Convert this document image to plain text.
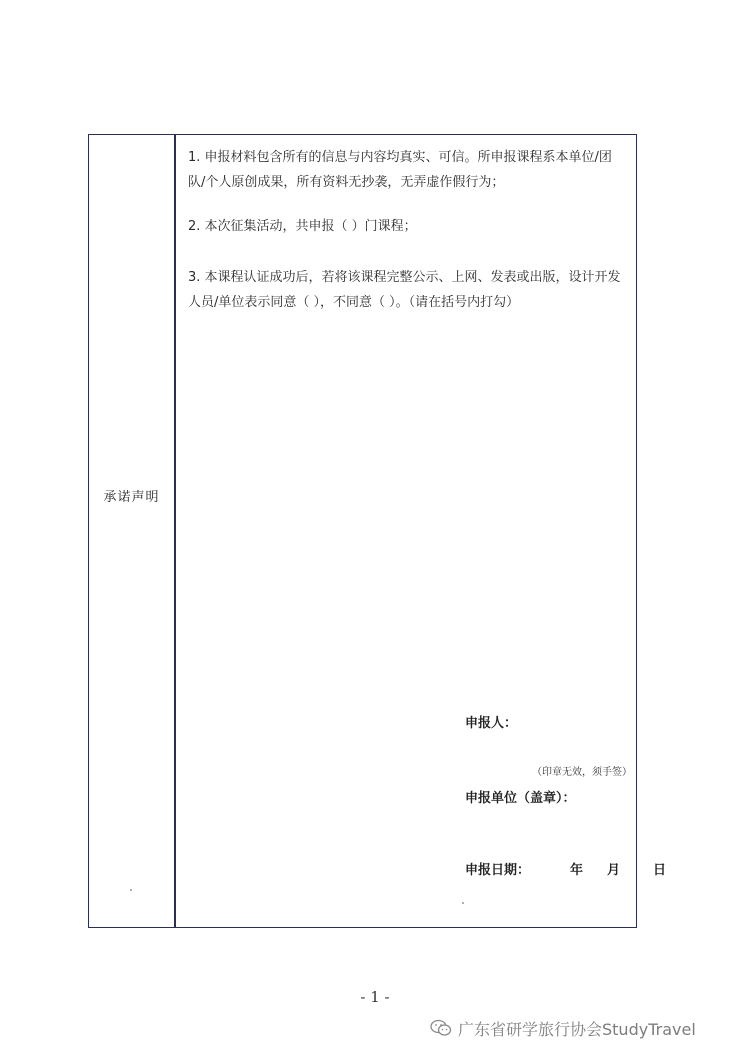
承诺声明
1. 申报材料包含所有的信息与内容均真实、可信。所申报课程系本单位/团队/个人原创成果，所有资料无抄袭，无弄虚作假行为；
2. 本次征集活动，共申报（ ）门课程；
3. 本课程认证成功后，若将该课程完整公示、上网、发表或出版，设计开发人员/单位表示同意（ ），不同意（ ）。（请在括号内打勾）
申报人：
（印章无效，须手签）
申报单位（盖章）：
申报日期：	年 月	日
- 1 -
广东省研学旅行协会StudyTravel
